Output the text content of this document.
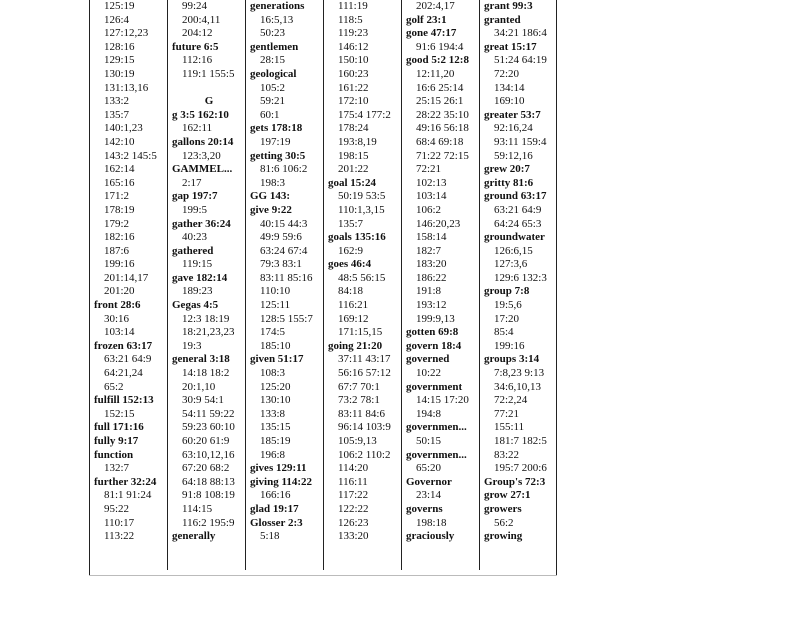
125:19
126:4
127:12,23
128:16
129:15
130:19
131:13,16
133:2
135:7
140:1,23
142:10
143:2 145:5
162:14
165:16
171:2
178:19
179:2
182:16
187:6
199:16
201:14,17
201:20
front 28:6
30:16
103:14
frozen 63:17
63:21 64:9
64:21,24
65:2
fulfill 152:13
152:15
full 171:16
fully 9:17
function
132:7
further 32:24
81:1 91:24
95:22
110:17
113:22
99:24
200:4,11
204:12
future 6:5
112:16
119:1 155:5
G
g 3:5 162:10
162:11
gallons 20:14
123:3,20
GAMMEL...
2:17
gap 197:7
199:5
gather 36:24
40:23
gathered
119:15
gave 182:14
189:23
Gegas 4:5
12:3 18:19
18:21,23,23
19:3
general 3:18
14:18 18:2
20:1,10
30:9 54:1
54:11 59:22
59:23 60:10
60:20 61:9
63:10,12,16
67:20 68:2
64:18 88:13
91:8 108:19
114:15
116:2 195:9
generally
generations
16:5,13
50:23
gentlemen
28:15
geological
105:2
59:21
60:1
gets 178:18
197:19
getting 30:5
81:6 106:2
198:3
GG 143:
give 9:22
40:15 44:3
49:9 59:6
63:24 67:4
79:3 83:1
83:11 85:16
110:10
125:11
128:5 155:7
174:5
185:10
given 51:17
108:3
125:20
130:10
133:8
135:15
185:19
196:8
gives 129:11
giving 114:22
166:16
glad 19:17
Glosser 2:3
5:18
111:19
118:5
119:23
146:12
150:10
160:23
161:22
172:10
175:4 177:2
178:24
193:8,19
198:15
201:22
goal 15:24
50:19 53:5
110:1,3,15
135:7
goals 135:16
162:9
goes 46:4
48:5 56:15
84:18
116:21
169:12
171:15,15
going 21:20
37:11 43:17
56:16 57:12
67:7 70:1
73:2 78:1
83:11 84:6
96:14 103:9
105:9,13
106:2 110:2
114:20
116:11
117:22
122:22
126:23
133:20
202:4,17
golf 23:1
gone 47:17
91:6 194:4
good 5:2 12:8
12:11,20
16:6 25:14
25:15 26:1
28:22 35:10
49:16 56:18
68:4 69:18
71:22 72:15
72:21
102:13
103:14
106:2
146:20,23
158:14
182:7
183:20
186:22
191:8
193:12
199:9,13
gotten 69:8
govern 18:4
governed
10:22
government
14:15 17:20
194:8
governmen...
50:15
governmen...
65:20
Governor
23:14
governs
198:18
graciously
grant 99:3
granted
34:21 186:4
great 15:17
51:24 64:19
72:20
134:14
169:10
greater 53:7
92:16,24
93:11 159:4
59:12,16
grew 20:7
gritty 81:6
ground 63:17
63:21 64:9
64:24 65:3
groundwater
126:6,15
127:3,6
129:6 132:3
group 7:8
19:5,6
17:20
85:4
199:16
groups 3:14
7:8,23 9:13
34:6,10,13
72:2,24
77:21
155:11
181:7 182:5
83:22
195:7 200:6
Group's 72:3
grow 27:1
growers
56:2
growing
